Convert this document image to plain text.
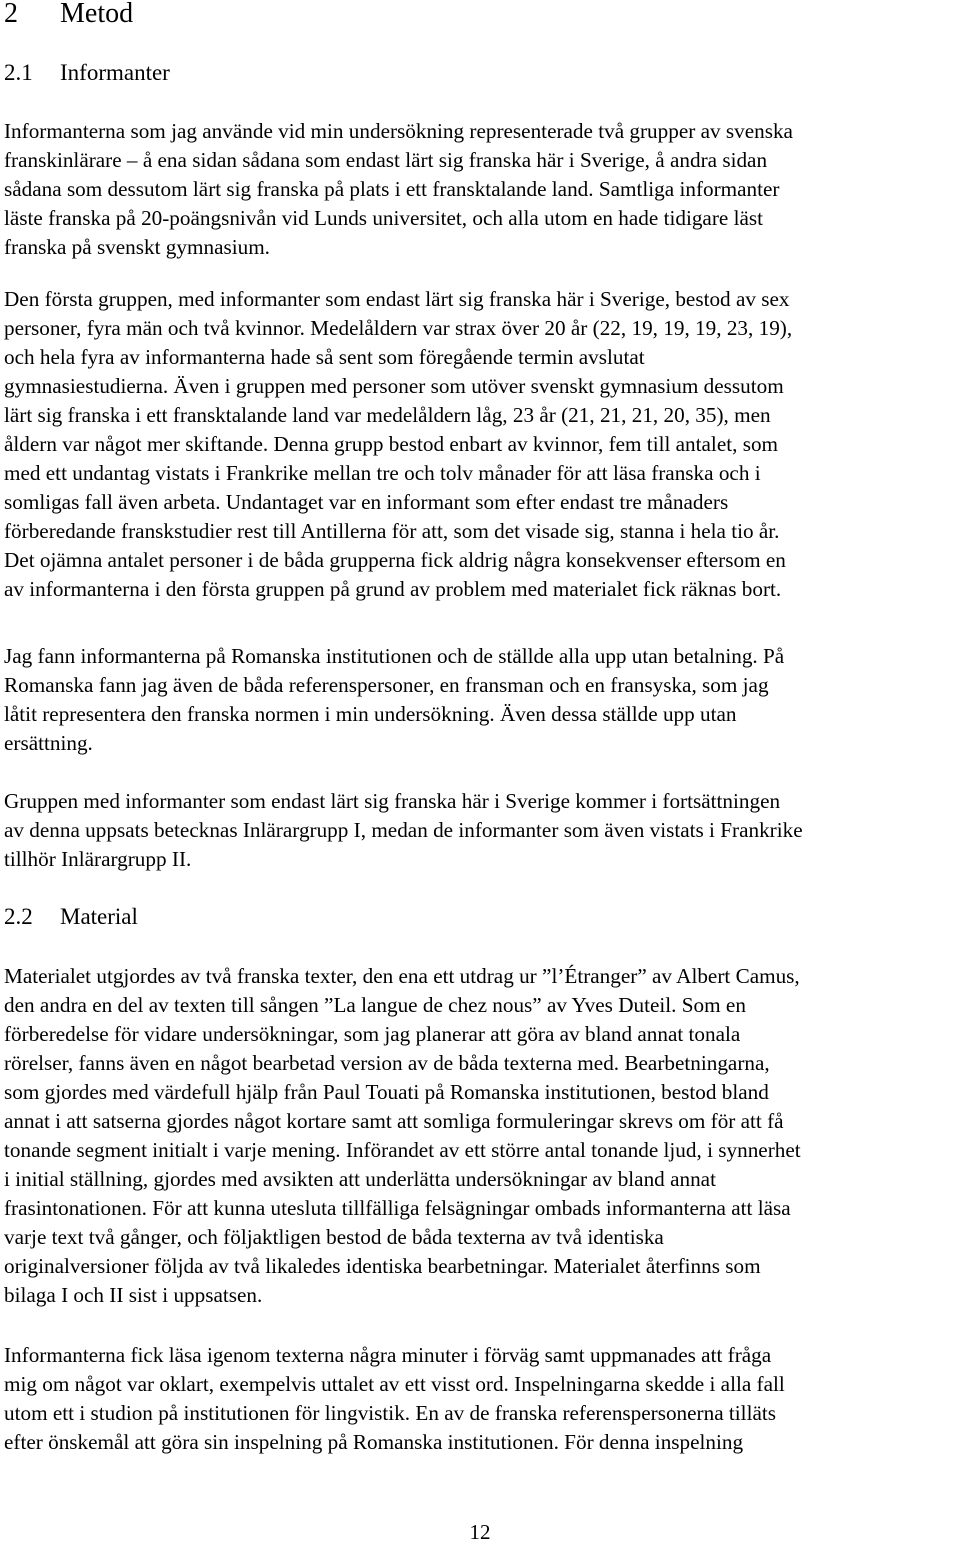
2 Metod
2.1 Informanter
Informanterna som jag använde vid min undersökning representerade två grupper av svenska
franskinlärare – å ena sidan sådana som endast lärt sig franska här i Sverige, å andra sidan
sådana som dessutom lärt sig franska på plats i ett fransktalande land. Samtliga informanter
läste franska på 20-poängsnivån vid Lunds universitet, och alla utom en hade tidigare läst
franska på svenskt gymnasium.
Den första gruppen, med informanter som endast lärt sig franska här i Sverige, bestod av sex
personer, fyra män och två kvinnor. Medelåldern var strax över 20 år (22, 19, 19, 19, 23, 19),
och hela fyra av informanterna hade så sent som föregående termin avslutat
gymnasiestudierna. Även i gruppen med personer som utöver svenskt gymnasium dessutom
lärt sig franska i ett fransktalande land var medelåldern låg, 23 år (21, 21, 21, 20, 35), men
åldern var något mer skiftande. Denna grupp bestod enbart av kvinnor, fem till antalet, som
med ett undantag vistats i Frankrike mellan tre och tolv månader för att läsa franska och i
somligas fall även arbeta. Undantaget var en informant som efter endast tre månaders
förberedande franskstudier rest till Antillerna för att, som det visade sig, stanna i hela tio år.
Det ojämna antalet personer i de båda grupperna fick aldrig några konsekvenser eftersom en
av informanterna i den första gruppen på grund av problem med materialet fick räknas bort.
Jag fann informanterna på Romanska institutionen och de ställde alla upp utan betalning. På
Romanska fann jag även de båda referenspersoner, en fransman och en fransyska, som jag
låtit representera den franska normen i min undersökning. Även dessa ställde upp utan
ersättning.
Gruppen med informanter som endast lärt sig franska här i Sverige kommer i fortsättningen
av denna uppsats betecknas Inlärargrupp I, medan de informanter som även vistats i Frankrike
tillhör Inlärargrupp II.
2.2 Material
Materialet utgjordes av två franska texter, den ena ett utdrag ur ”l’Étranger” av Albert Camus,
den andra en del av texten till sången ”La langue de chez nous” av Yves Duteil. Som en
förberedelse för vidare undersökningar, som jag planerar att göra av bland annat tonala
rörelser, fanns även en något bearbetad version av de båda texterna med. Bearbetningarna,
som gjordes med värdefull hjälp från Paul Touati på Romanska institutionen, bestod bland
annat i att satserna gjordes något kortare samt att somliga formuleringar skrevs om för att få
tonande segment initialt i varje mening. Införandet av ett större antal tonande ljud, i synnerhet
i initial ställning, gjordes med avsikten att underlätta undersökningar av bland annat
frasintonationen. För att kunna utesluta tillfälliga felsägningar ombads informanterna att läsa
varje text två gånger, och följaktligen bestod de båda texterna av två identiska
originalversioner följda av två likaledes identiska bearbetningar. Materialet återfinns som
bilaga I och II sist i uppsatsen.
Informanterna fick läsa igenom texterna några minuter i förväg samt uppmanades att fråga
mig om något var oklart, exempelvis uttalet av ett visst ord. Inspelningarna skedde i alla fall
utom ett i studion på institutionen för lingvistik. En av de franska referenspersonerna tilläts
efter önskemål att göra sin inspelning på Romanska institutionen. För denna inspelning
12
